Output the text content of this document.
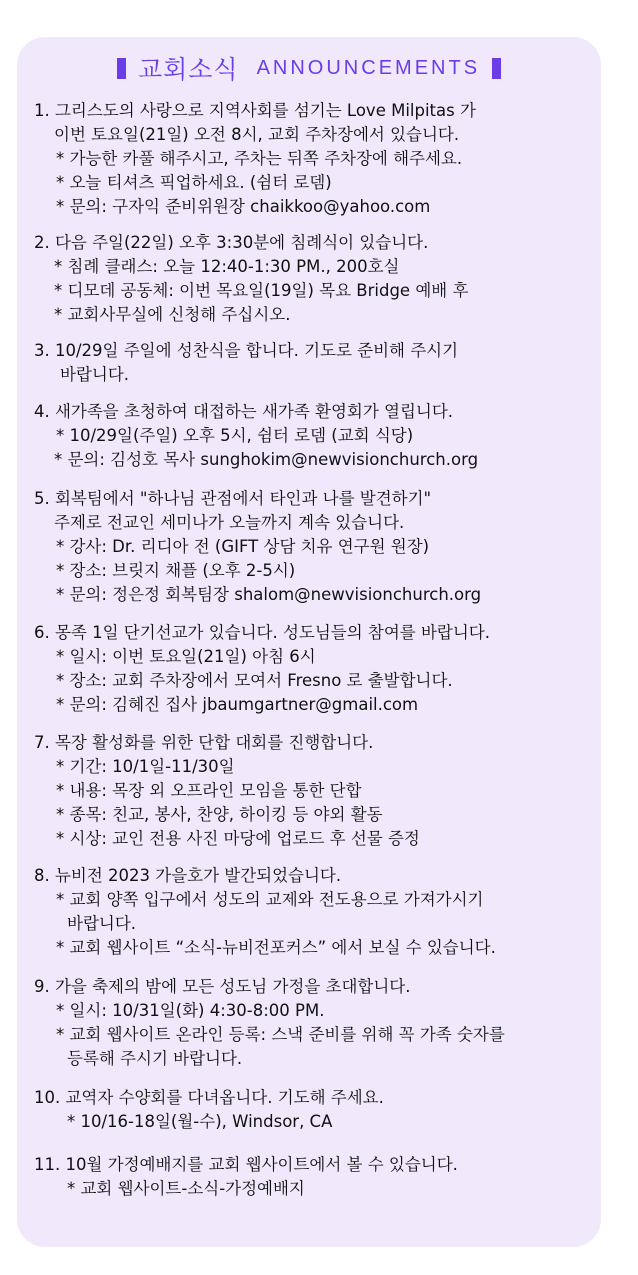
교회소식 ANNOUNCEMENTS
1. 그리스도의 사랑으로 지역사회를 섬기는 Love Milpitas 가
이번 토요일(21일) 오전 8시, 교회 주차장에서 있습니다.
* 가능한 카풀 해주시고, 주차는 뒤쪽 주차장에 해주세요.
* 오늘 티셔츠 픽업하세요. (쉼터 로뎀)
* 문의: 구자익 준비위원장 chaikkoo@yahoo.com
2. 다음 주일(22일) 오후 3:30분에 침례식이 있습니다.
* 침례 클래스: 오늘 12:40-1:30 PM., 200호실
* 디모데 공동체: 이번 목요일(19일) 목요 Bridge 예배 후
* 교회사무실에 신청해 주십시오.
3. 10/29일 주일에 성찬식을 합니다. 기도로 준비해 주시기
바랍니다.
4. 새가족을 초청하여 대접하는 새가족 환영회가 열립니다.
* 10/29일(주일) 오후 5시, 쉼터 로뎀 (교회 식당)
* 문의: 김성호 목사 sunghokim@newvisionchurch.org
5. 회복팀에서 "하나님 관점에서 타인과 나를 발견하기"
주제로 전교인 세미나가 오늘까지 계속 있습니다.
* 강사: Dr. 리디아 전 (GIFT 상담 치유 연구원 원장)
* 장소: 브릿지 채플 (오후 2-5시)
* 문의: 정은정 회복팀장 shalom@newvisionchurch.org
6. 몽족 1일 단기선교가 있습니다. 성도님들의 참여를 바랍니다.
* 일시: 이번 토요일(21일) 아침 6시
* 장소: 교회 주차장에서 모여서 Fresno 로 출발합니다.
* 문의: 김혜진 집사 jbaumgartner@gmail.com
7. 목장 활성화를 위한 단합 대회를 진행합니다.
* 기간: 10/1일-11/30일
* 내용: 목장 외 오프라인 모임을 통한 단합
* 종목: 친교, 봉사, 찬양, 하이킹 등 야외 활동
* 시상: 교인 전용 사진 마당에 업로드 후 선물 증정
8. 뉴비전 2023 가을호가 발간되었습니다.
* 교회 양쪽 입구에서 성도의 교제와 전도용으로 가져가시기
바랍니다.
* 교회 웹사이트 “소식-뉴비전포커스” 에서 보실 수 있습니다.
9. 가을 축제의 밤에 모든 성도님 가정을 초대합니다.
* 일시: 10/31일(화) 4:30-8:00 PM.
* 교회 웹사이트 온라인 등록: 스낵 준비를 위해 꼭 가족 숫자를
등록해 주시기 바랍니다.
10. 교역자 수양회를 다녀옵니다. 기도해 주세요.
* 10/16-18일(월-수), Windsor, CA
11. 10월 가정예배지를 교회 웹사이트에서 볼 수 있습니다.
* 교회 웹사이트-소식-가정예배지
